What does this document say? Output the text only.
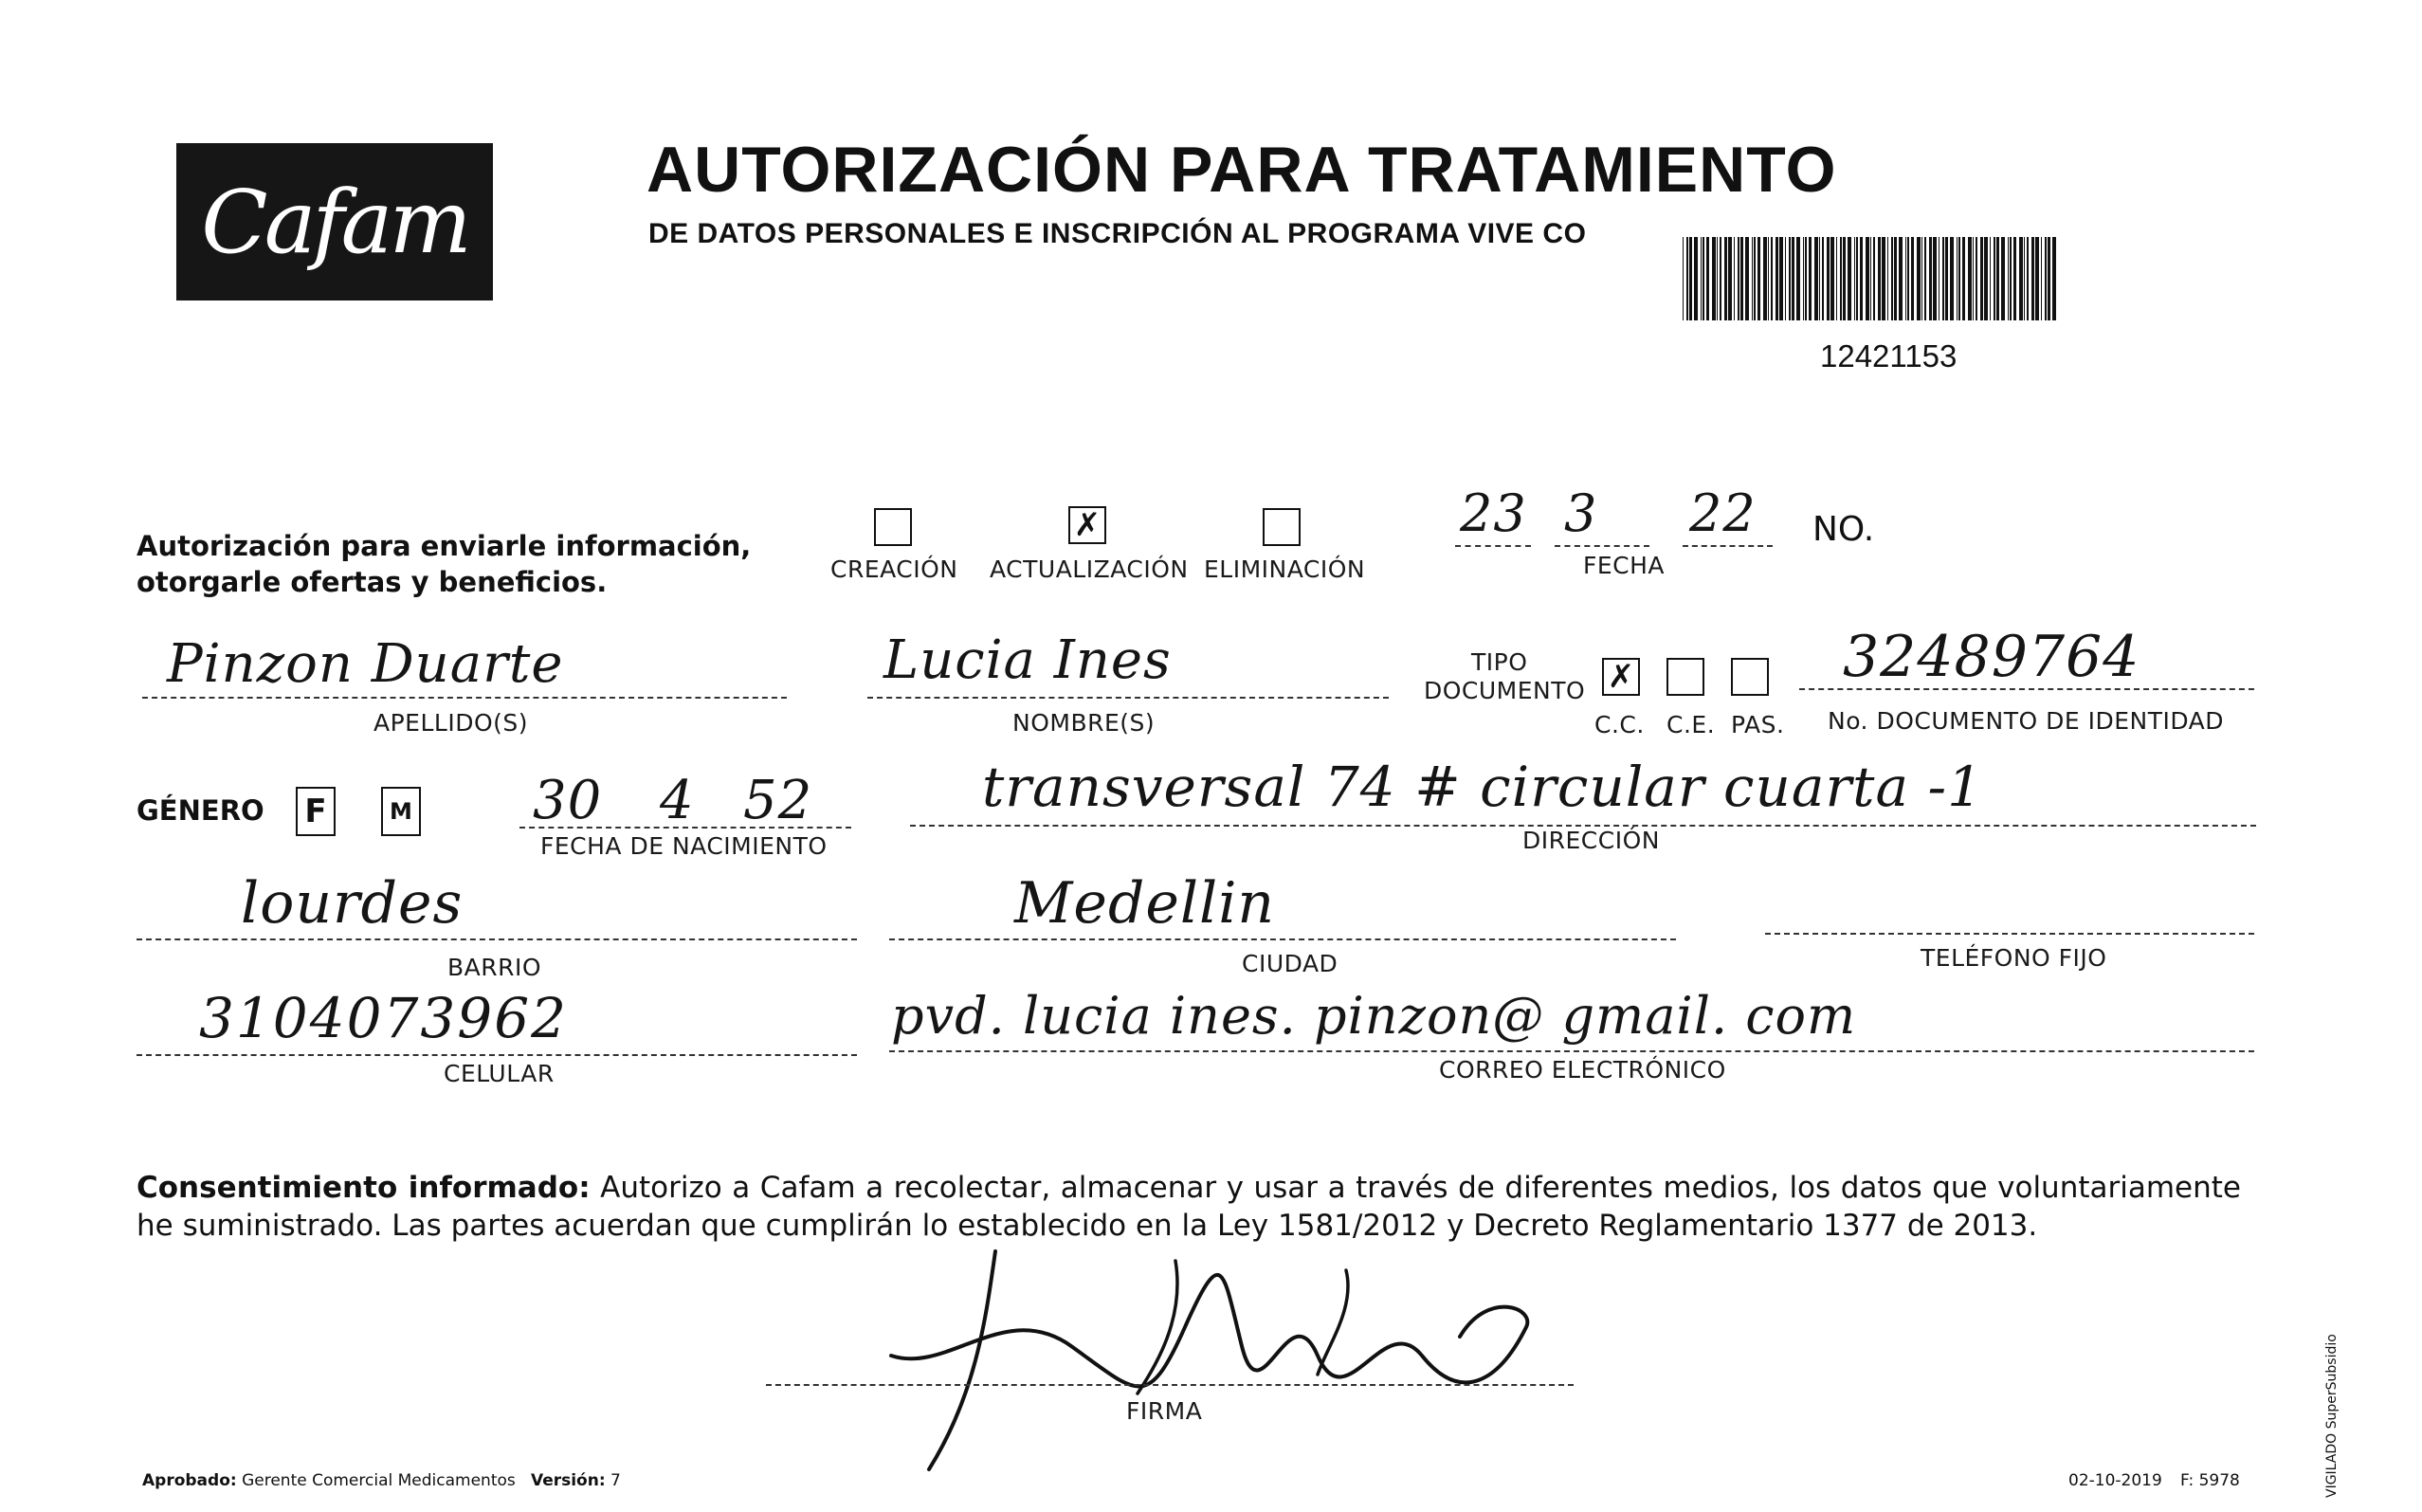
Cafam
AUTORIZACIÓN PARA TRATAMIENTO
DE DATOS PERSONALES E INSCRIPCIÓN AL PROGRAMA VIVE CO
12421153
Autorización para enviarle información,
otorgarle ofertas y beneficios.	CREACIÓN
✗
ACTUALIZACIÓN ELIMINACIÓN
23 3 22
FECHA
NO.
Pinzon Duarte
APELLIDO(S)
Lucia Ines
NOMBRE(S)
TIPO
DOCUMENTO ✗
C.C. C.E. PAS.
32489764
No. DOCUMENTO DE IDENTIDAD
GÉNERO F	M 30 4 52
FECHA DE NACIMIENTO
transversal 74 # circular cuarta -1
DIRECCIÓN
lourdes
BARRIO
Medellin
CIUDAD	TELÉFONO FIJO
3104073962
CELULAR
pvd. lucia ines. pinzon@ gmail. com
CORREO ELECTRÓNICO
Consentimiento informado: Autorizo a Cafam a recolectar, almacenar y usar a través de diferentes medios, los datos que voluntariamente he suministrado. Las partes acuerdan que cumplirán lo establecido en la Ley 1581/2012 y Decreto Reglamentario 1377 de 2013.
FIRMA
Aprobado: Gerente Comercial Medicamentos Versión: 7	02-10-2019 F: 5978	VIGILADO SuperSubsidio
